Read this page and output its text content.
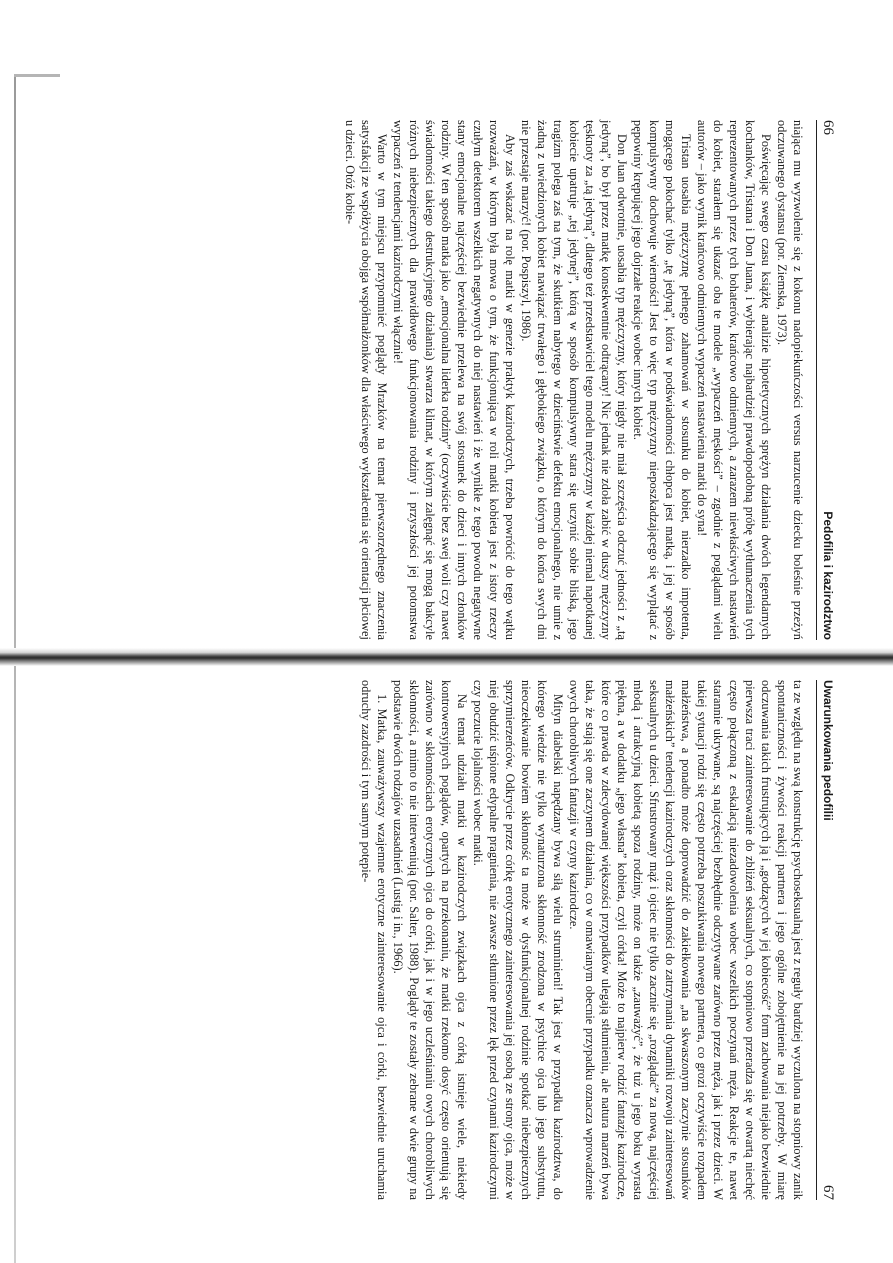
66
Pedofilia i kazirodztwo

niająca mu wyzwolenie się z kokonu nadopiekuńczości versus narzucenie dziecku boleśnie przeżyń odczuwanego dystansu (por. Ziemska, 1973).

Poświęcając swego czasu książkę analizie hipotetycznych sprężyn działania dwóch legendarnych kochanków, Tristana i Don Juana, i wybierając najbardziej prawdopodobną próbę wytłumaczenia tych reprezentowanych przez tych bohaterów, krańcowo odmiennych, a zarazem niewłaściwych nastawień do kobiet, starałem się ukazać oba te modele „wypaczeń męskości” – zgodnie z poglądami wielu autorów – jako wynik krańcowo odmiennych wypaczeń nastawienia matki do syna!

Tristan uosabia mężczyznę pełnego zahamowań w stosunku do kobiet, nierzadko impotenta, mogącego pokochać tylko „tę jedyną”, która w podświadomości chłopca jest matką, i jej w sposób kompulsywny dochowuje wierności! Jest to więc typ mężczyzny nieposzkadzającego się wyplątać z pępowiny krępującej jego dojrzałe reakcje wobec innych kobiet.

Don Juan odwrotnie, uosabia typ mężczyzny, który nigdy nie miał szczęścia odczuć jedności z „tą jedyną”, bo był przez matkę konsekwentnie odtrącany! Nic jednak nie zdoła zabić w duszy mężczyzny tęsknoty za „tą jedyną”, dlatego też przedstawiciel tego modelu mężczyzny w każdej niemal napotkanej kobiecie upatruje „tej jedynej”, którą w sposób kompulsywny stara się uczynić sobie bliską, jego tragizm polega zaś na tym, że skutkiem nabytego w dzieciństwie defektu emocjonalnego, nie umie z żadną z uwiedzionych kobiet nawiązać trwałego i głębokiego związku, o którym do końca swych dni nie przestaje marzyć! (por. Pospiszyl, 1986).

Aby zaś wskazać na rolę matki w genezie praktyk kazirodczych, trzeba powrócić do tego wątku rozważań, w którym była mowa o tym, że funkcjonująca w roli matki kobieta jest z istoty rzeczy czułym detektorem wszelkich negatywnych do niej nastawień i że wynikłe z tego powodu negatywne stany emocjonalne najczęściej bezwiednie przelewa na swój stosunek do dzieci i innych członków rodziny. W ten sposób matka jako „emocjonalna liderka rodziny” (oczywiście bez swej woli czy nawet świadomości takiego destrukcyjnego działania) stwarza klimat, w którym zalęgnąć się mogą bakcyle różnych niebezpiecznych dla prawidłowego funkcjonowania rodziny i przyszłości jej potomstwa wypaczeń z tendencjami kazirodczymi włącznie!

Warto w tym miejscu przypomnieć poglądy Mrazków na temat pierwszorzędnego znaczenia satysfakcji ze współżycia obojga współmałżonków dla właściwego wykształcenia się orientacji płciowej u dzieci. Otóż kobie-

Uwarunkowania pedofilii
67

ta ze względu na swą konstrukcję psychoseksualną jest z reguły bardziej wyczulona na stopniowy zanik spontaniczności i żywości reakcji partnera i jego ogólne zobojętnienie na jej potrzeby. W miarę odczuwania takich frustrujących ją i „godzących w jej kobiecość” form zachowania niejako bezwiednie pierwsza traci zainteresowanie do zbliżeń seksualnych, co stopniowo przeradza się w otwartą niechęć często połączoną z eskalacją niezadowolenia wobec wszelkich poczynań męża. Reakcje te, nawet starannie ukrywane, są najczęściej bezbłędnie odczytywane zarówno przez męża, jak i przez dzieci. W takiej sytuacji rodzi się często potrzeba poszukiwania nowego partnera, co grozi oczywiście rozpadem małżeństwa, a ponadto może doprowadzić do zakiełkowania „na skwaszonym zaczynie stosunków małżeńskich” tendencji kazirodczych oraz skłonności do zatrzymania dynamiki rozwoju zainteresowań seksualnych u dzieci. Sfrustrowany mąż i ojciec nie tylko zacznie się „rozglądać” za nową, najczęściej młodą i atrakcyjną kobietą spoza rodziny, może on także „zauważyć”, że tuż u jego boku wyrasta piękna, a w dodatku „jego własna” kobieta, czyli córka! Może to najpierw rodzić fantazje kazirodcze, które co prawda w zdecydowanej większości przypadków ulegają stłumieniu, ale natura marzeń bywa taka, że stają się one zaczynem działania, co w omawianym obecnie przypadku oznacza wprowadzenie owych chorobliwych fantazji w czyny kazirodcze.

Mityn diabelski napędzany bywa siłą wielu struminieni! Tak jest w przypadku kazirodztwa, do którego wiedzie nie tylko wynaturzona skłonność zrodzona w psychice ojca lub jego substytutu, nieoczekiwanie bowiem skłonność ta może w dysfunkcjonalnej rodzinie spotkać niebezpiecznych sprzymierzeńców. Odkrycie przez córkę erotycznego zainteresowania jej osobą ze strony ojca, może w niej obudzić uśpione edypalne pragnienia, nie zawsze stłumione przez lęk przed czynami kazirodczymi czy poczucie lojalności wobec matki.

Na temat udziału matki w kazirodczych związkach ojca z córką istnieje wiele, niekiedy kontrowersyjnych poglądów, opartych na przekonaniu, że matki rzekomo dosyć często orientują się zarówno w skłonnościach erotycznych ojca do córki, jak i w jego uczleśnianiu owych chorobliwych skłonności, a mimo to nie interweniują (por. Salter, 1988). Poglądy te zostały zebrane w dwie grupy na podstawie dwóch rodzajów uzasadnień (Lustig i in., 1966).

1. Matka, zauważywszy wzajemne erotyczne zainteresowanie ojca i córki, bezwiednie uruchamia odruchy zazdrości i tym samym potępie-
